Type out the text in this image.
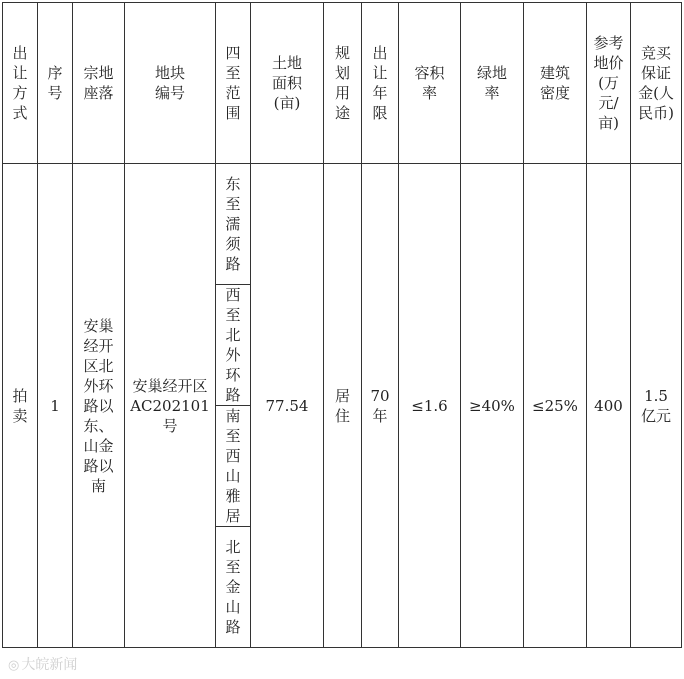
出让方式	序号	宗地座落	地块编号	四至范围	土地面积(亩)	规划用途	出让年限	容积率	绿地率	建筑密度	参考地价(万元/亩)	竞买保证金(人民币)
拍卖	1	安巢经开区北外环路以东、山金路以南	安巢经开区AC202101号	东至濡须路	77.54	居住	70年	≤1.6	≥40%	≤25%	400	1.5亿元
				西至北外环路								
				南至西山雅居								
				北至金山路								
◎ 大皖新闻
